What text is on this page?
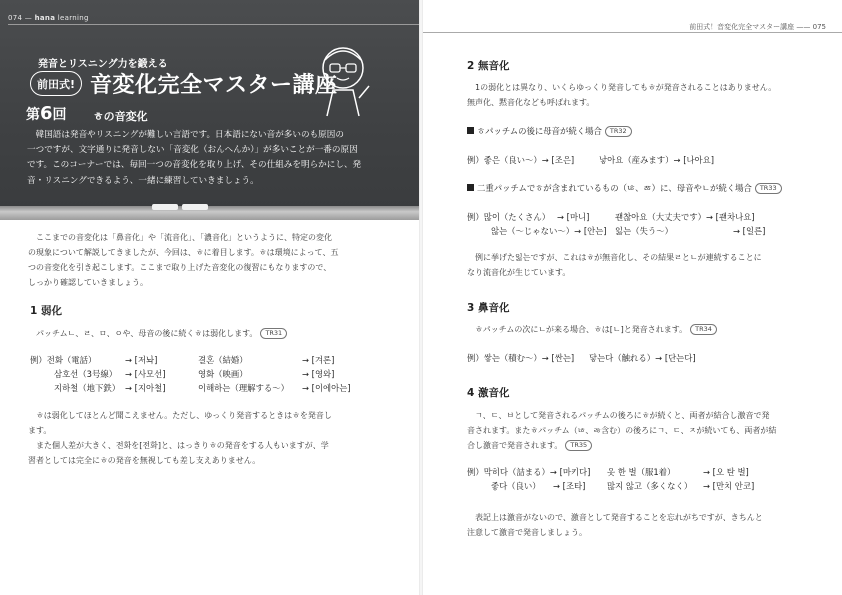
074 — hana learning
発音とリスニング力を鍛える
前田式! 音変化完全マスター講座
第6回 ㅎの音変化
　韓国語は発音やリスニングが難しい言語です。日本語にない音が多いのも原因の
一つですが、文字通りに発音しない「音変化（おんへんか）」が多いことが一番の原因
です。このコーナーでは、毎回一つの音変化を取り上げ、その仕組みを明らかにし、発
音・リスニングできるよう、一緒に練習していきましょう。
　ここまでの音変化は「鼻音化」や「流音化」、「濃音化」というように、特定の変化
の現象について解説してきましたが、今回は、ㅎに着目します。ㅎは環境によって、五
つの音変化を引き起こします。ここまで取り上げた音変化の復習にもなりますので、
しっかり確認していきましょう。
1 弱化
　パッチムㄴ、ㄹ、ㅁ、ㅇや、母音の後に続くㅎは弱化します。 TR31
例）전화（電話）	→ [저놔]	결혼（結婚）	→ [겨론]
삼호선（3号線） → [사모선]	영화（映画）	→ [영와]
지하철（地下鉄） → [지아철]	이해하는（理解する〜） → [이에아는]
　ㅎは弱化してほとんど聞こえません。ただし、ゆっくり発音するときはㅎを発音し
ます。
　また個人差が大きく、전화を[전화]と、はっきりㅎの発音をする人もいますが、学
習者としては完全にㅎの発音を無視しても差し支えありません。
前田式！音変化完全マスター講座 —— 075
2 無音化
　1の弱化とは異なり、いくらゆっくり発音してもㅎが発音されることはありません。
無声化、黙音化なども呼ばれます。
ㅎパッチムの後に母音が続く場合 TR32
例）좋은（良い〜）→ [조은]	낳아요（産みます）→ [나아요]
二重パッチムでㅎが含まれているもの（ㄶ、ㅀ）に、母音やㄴが続く場合 TR33
例）많이（たくさん） → [마니]	괜찮아요（大丈夫です）→ [괜차나요]
않는（〜じゃない〜）→ [안는] 잃는（失う〜）	→ [일른]
　例に挙げた잃는ですが、これはㅎが無音化し、その結果ㄹとㄴが連続することに
なり流音化が生じています。
3 鼻音化
　ㅎパッチムの次にㄴが来る場合、ㅎは[ㄴ]と発音されます。 TR34
例）쌓는（積む〜）→ [싼는] 닿는다（触れる）→ [단는다]
4 激音化
　ㄱ、ㄷ、ㅂとして発音されるパッチムの後ろにㅎが続くと、両者が結合し激音で発
音されます。またㅎパッチム（ㄶ、ㅀ含む）の後ろにㄱ、ㄷ、ㅈが続いても、両者が結
合し激音で発音されます。 TR35
例）막히다（詰まる）→ [마키다] 옷 한 벌（服1着）	→ [오 탄 벌]
좋다（良い） → [조타]	많지 않고（多くなく） → [만치 안코]
　表記上は激音がないので、激音として発音することを忘れがちですが、きちんと
注意して激音で発音しましょう。
